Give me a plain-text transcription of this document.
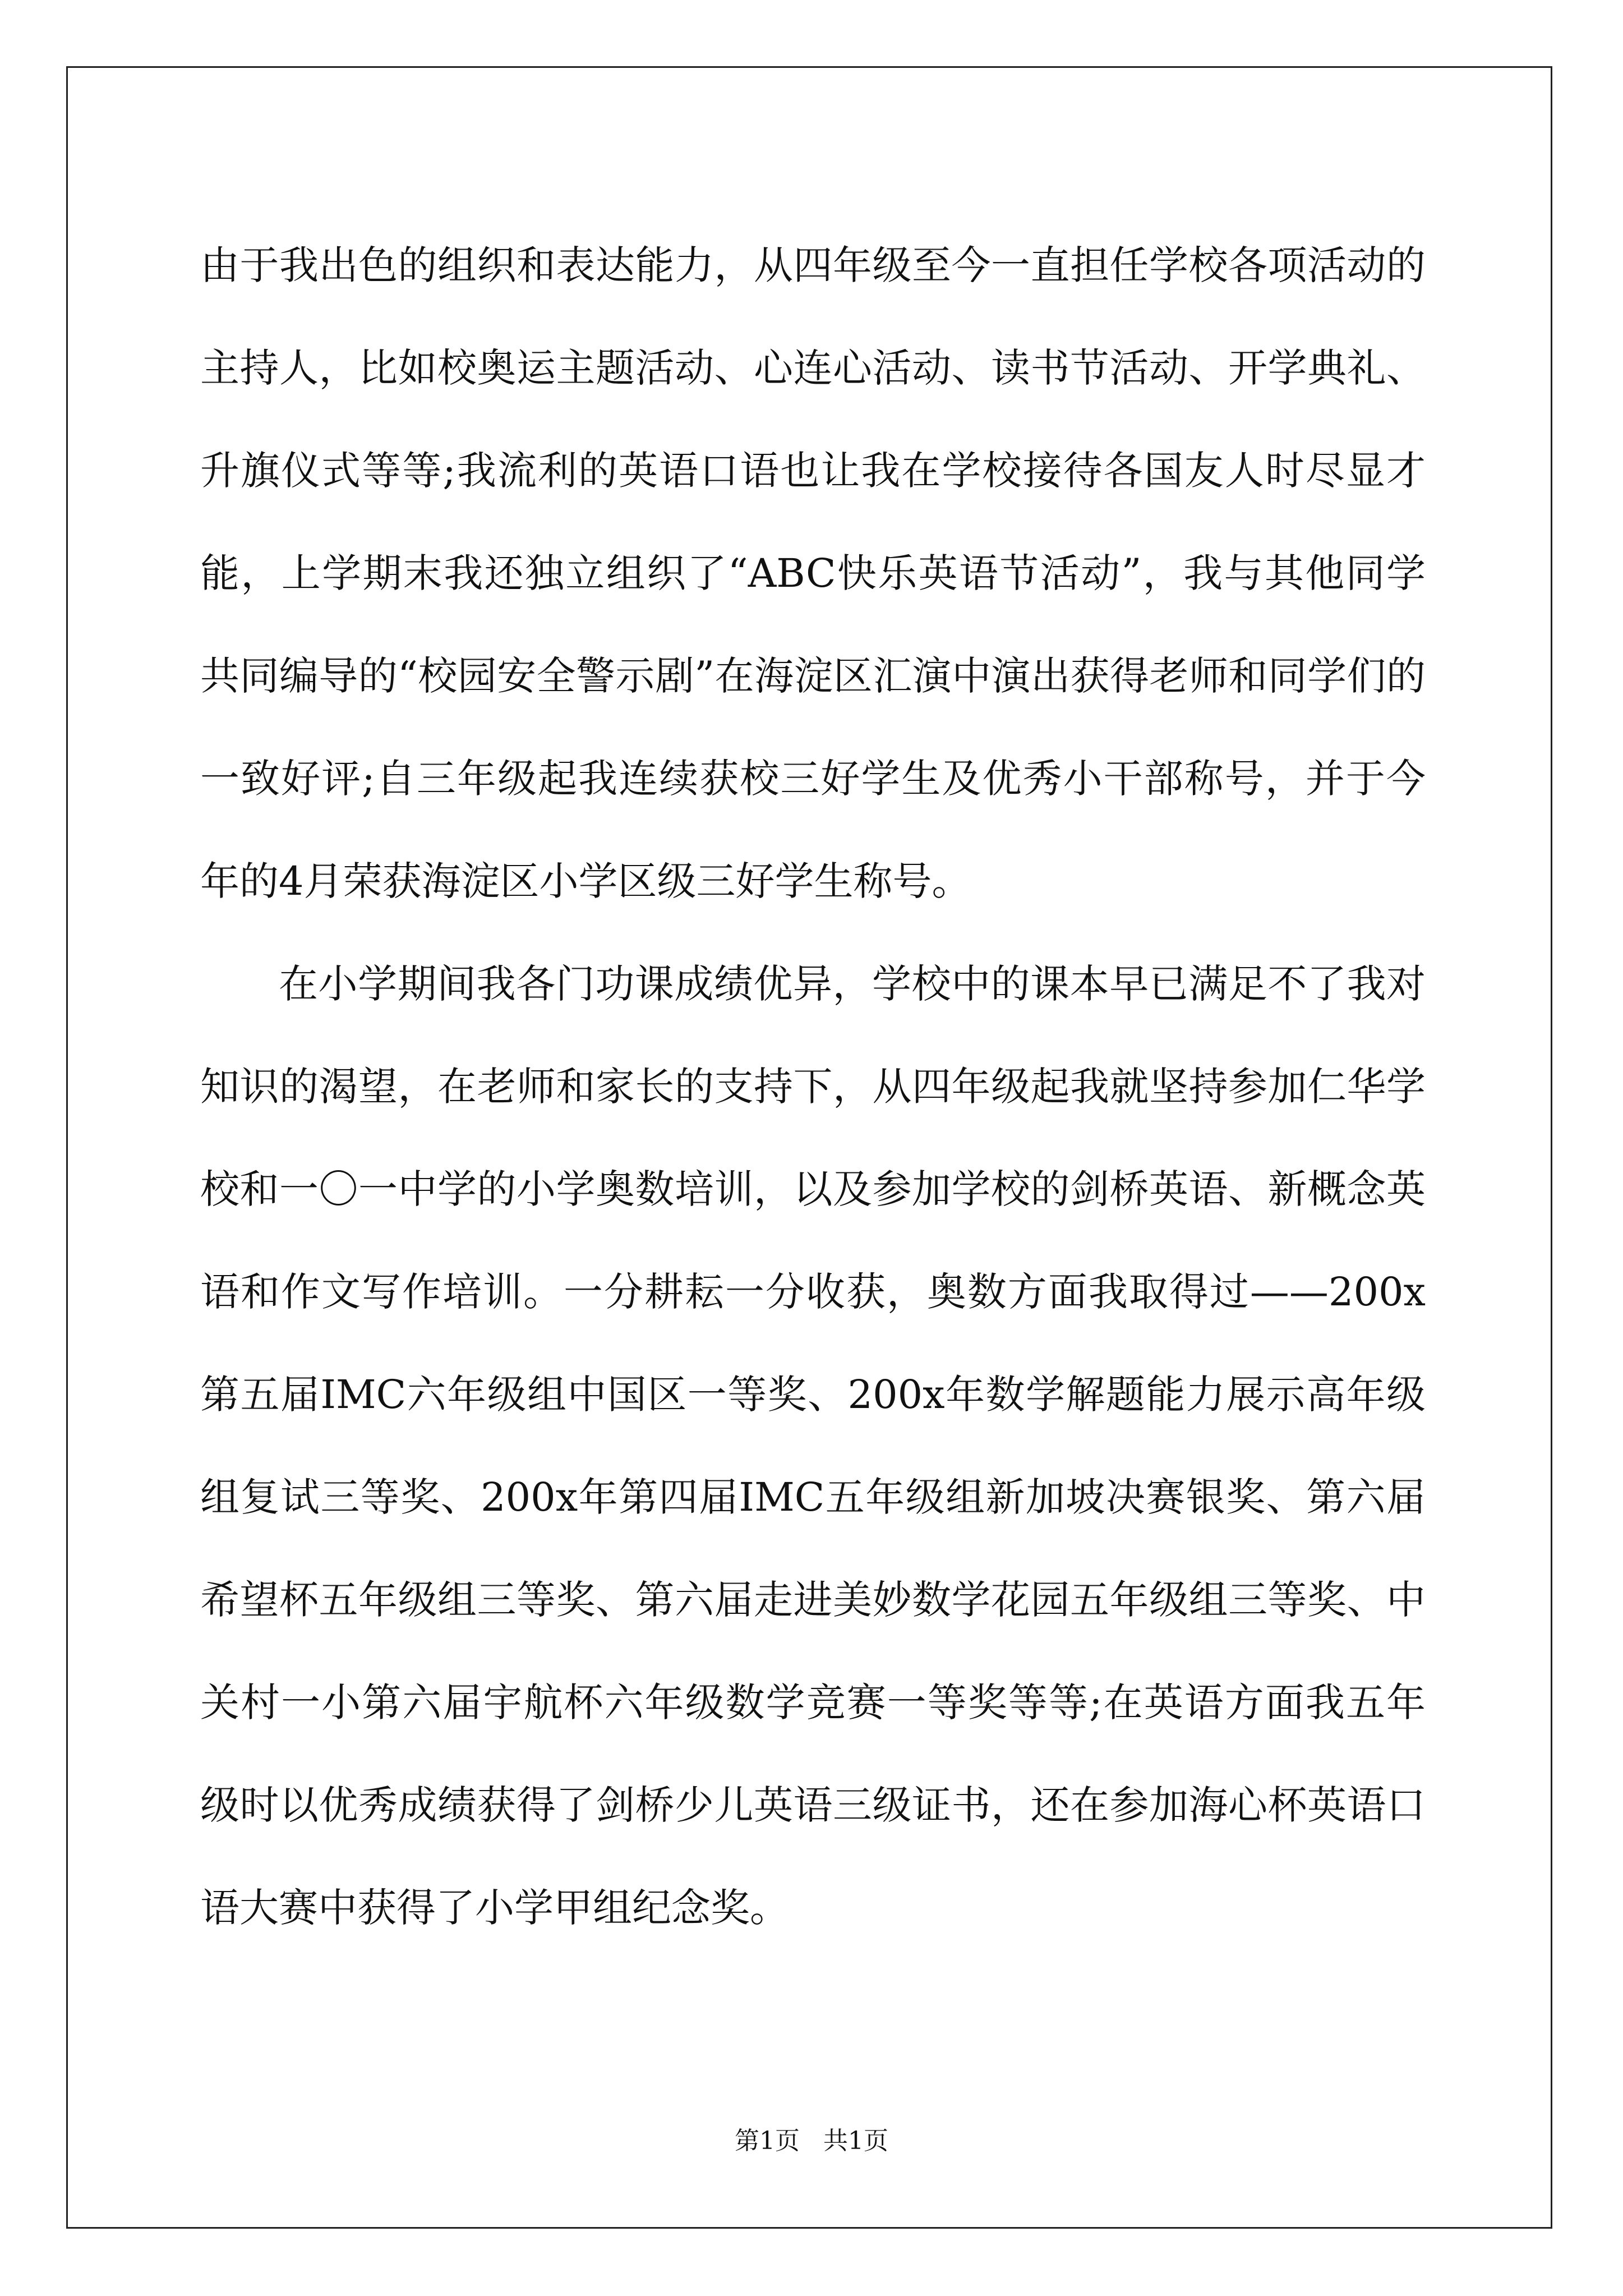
由于我出色的组织和表达能力，从四年级至今一直担任学校各项活动的主持人，比如校奥运主题活动、心连心活动、读书节活动、开学典礼、升旗仪式等等;我流利的英语口语也让我在学校接待各国友人时尽显才能，上学期末我还独立组织了“ABC快乐英语节活动”，我与其他同学共同编导的“校园安全警示剧”在海淀区汇演中演出获得老师和同学们的一致好评;自三年级起我连续获校三好学生及优秀小干部称号，并于今年的4月荣获海淀区小学区级三好学生称号。

在小学期间我各门功课成绩优异，学校中的课本早已满足不了我对知识的渴望，在老师和家长的支持下，从四年级起我就坚持参加仁华学校和一〇一中学的小学奥数培训，以及参加学校的剑桥英语、新概念英语和作文写作培训。一分耕耘一分收获，奥数方面我取得过——200x第五届IMC六年级组中国区一等奖、200x年数学解题能力展示高年级组复试三等奖、200x年第四届IMC五年级组新加坡决赛银奖、第六届希望杯五年级组三等奖、第六届走进美妙数学花园五年级组三等奖、中关村一小第六届宇航杯六年级数学竞赛一等奖等等;在英语方面我五年级时以优秀成绩获得了剑桥少儿英语三级证书，还在参加海心杯英语口语大赛中获得了小学甲组纪念奖。

第1页   共1页
